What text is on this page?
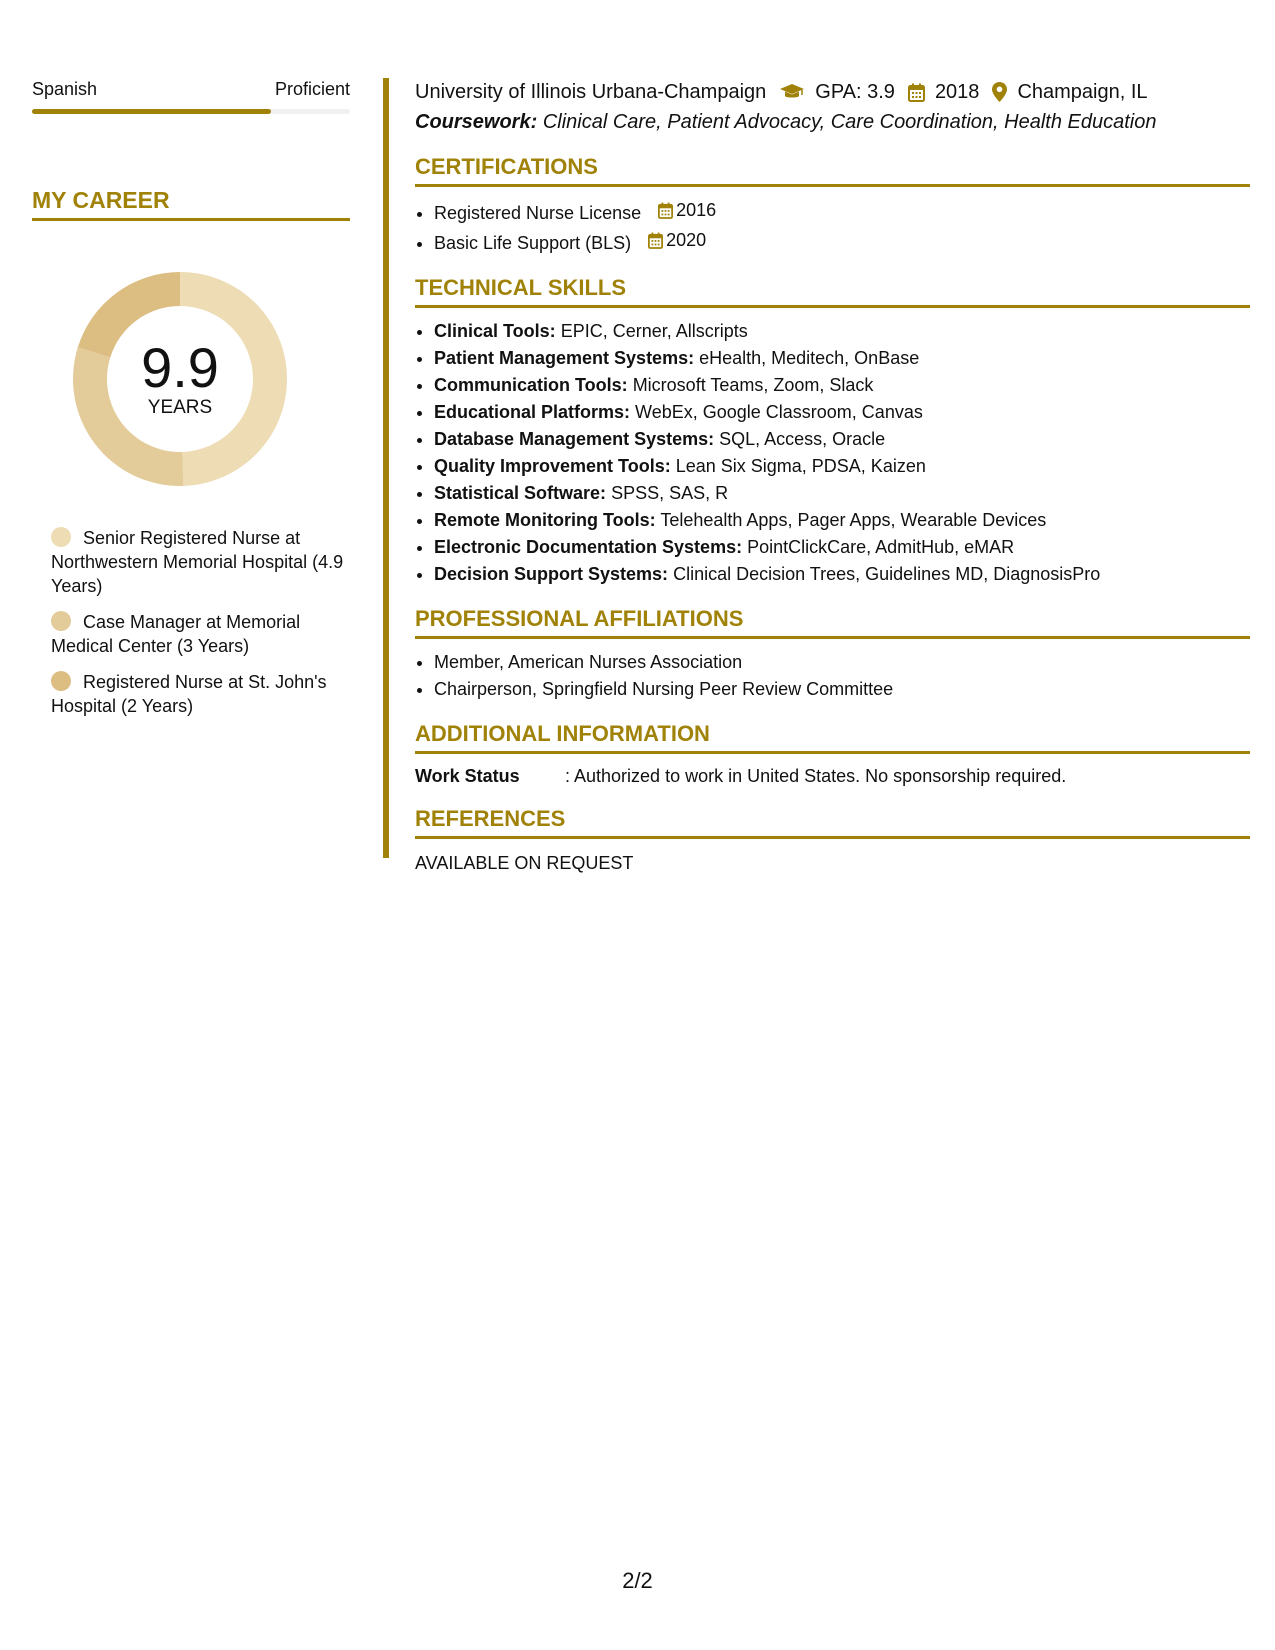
Spanish	Proficient
MY CAREER
9.9
YEARS
Senior Registered Nurse at Northwestern Memorial Hospital (4.9 Years)
Case Manager at Memorial Medical Center (3 Years)
Registered Nurse at St. John's Hospital (2 Years)
University of Illinois Urbana-Champaign GPA: 3.9 2018 Champaign, IL
Coursework: Clinical Care, Patient Advocacy, Care Coordination, Health Education
CERTIFICATIONS
• Registered Nurse License 2016
• Basic Life Support (BLS) 2020
TECHNICAL SKILLS
• Clinical Tools: EPIC, Cerner, Allscripts
• Patient Management Systems: eHealth, Meditech, OnBase
• Communication Tools: Microsoft Teams, Zoom, Slack
• Educational Platforms: WebEx, Google Classroom, Canvas
• Database Management Systems: SQL, Access, Oracle
• Quality Improvement Tools: Lean Six Sigma, PDSA, Kaizen
• Statistical Software: SPSS, SAS, R
• Remote Monitoring Tools: Telehealth Apps, Pager Apps, Wearable Devices
• Electronic Documentation Systems: PointClickCare, AdmitHub, eMAR
• Decision Support Systems: Clinical Decision Trees, Guidelines MD, DiagnosisPro
PROFESSIONAL AFFILIATIONS
• Member, American Nurses Association
• Chairperson, Springfield Nursing Peer Review Committee
ADDITIONAL INFORMATION
Work Status	: Authorized to work in United States. No sponsorship required.
REFERENCES
AVAILABLE ON REQUEST
2/2
